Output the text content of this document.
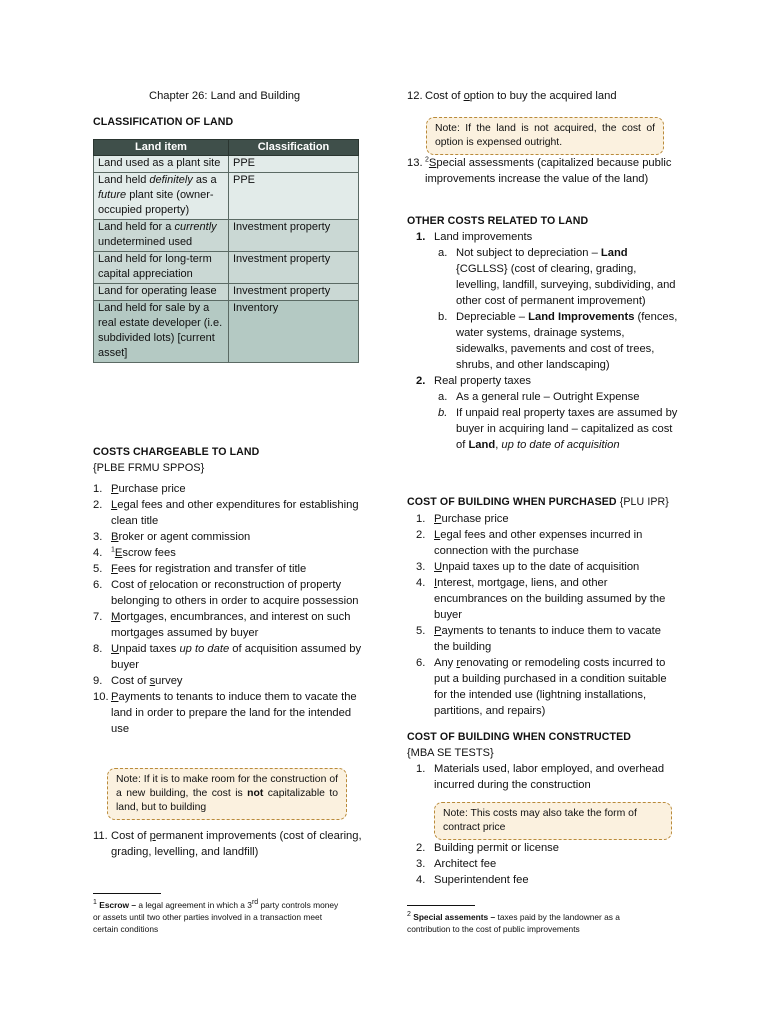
Chapter 26: Land and Building
CLASSIFICATION OF LAND
Land item	Classification
Land used as a plant site	PPE
Land held definitely as a future plant site (owner-occupied property)	PPE
Land held for a currently undetermined used	Investment property
Land held for long-term capital appreciation	Investment property
Land for operating lease	Investment property
Land held for sale by a real estate developer (i.e. subdivided lots) [current asset]	Inventory
COSTS CHARGEABLE TO LAND
{PLBE FRMU SPPOS}
1. Purchase price
2. Legal fees and other expenditures for establishing clean title
3. Broker or agent commission
4. $^1$Escrow fees
5. Fees for registration and transfer of title
6. Cost of relocation or reconstruction of property belonging to others in order to acquire possession
7. Mortgages, encumbrances, and interest on such mortgages assumed by buyer
8. Unpaid taxes up to date of acquisition assumed by buyer
9. Cost of survey
10. Payments to tenants to induce them to vacate the land in order to prepare the land for the intended use
Note: If it is to make room for the construction of a new building, the cost is not capitalizable to land, but to building
11. Cost of permanent improvements (cost of clearing, grading, levelling, and landfill)
$^1$ Escrow – a legal agreement in which a 3rd party controls money or assets until two other parties involved in a transaction meet certain conditions
12. Cost of option to buy the acquired land
Note: If the land is not acquired, the cost of option is expensed outright.
13. $^2$Special assessments (capitalized because public improvements increase the value of the land)
OTHER COSTS RELATED TO LAND
1. Land improvements
a. Not subject to depreciation – Land {CGLLSS} (cost of clearing, grading, levelling, landfill, surveying, subdividing, and other cost of permanent improvement)
b. Depreciable – Land Improvements (fences, water systems, drainage systems, sidewalks, pavements and cost of trees, shrubs, and other landscaping)
2. Real property taxes
a. As a general rule – Outright Expense
b. If unpaid real property taxes are assumed by buyer in acquiring land – capitalized as cost of Land, up to date of acquisition
COST OF BUILDING WHEN PURCHASED {PLU IPR}
1. Purchase price
2. Legal fees and other expenses incurred in connection with the purchase
3. Unpaid taxes up to the date of acquisition
4. Interest, mortgage, liens, and other encumbrances on the building assumed by the buyer
5. Payments to tenants to induce them to vacate the building
6. Any renovating or remodeling costs incurred to put a building purchased in a condition suitable for the intended use (lightning installations, partitions, and repairs)
COST OF BUILDING WHEN CONSTRUCTED
{MBA SE TESTS}
1. Materials used, labor employed, and overhead incurred during the construction
Note: This costs may also take the form of contract price
2. Building permit or license
3. Architect fee
4. Superintendent fee
$^2$ Special assements – taxes paid by the landowner as a contribution to the cost of public improvements
